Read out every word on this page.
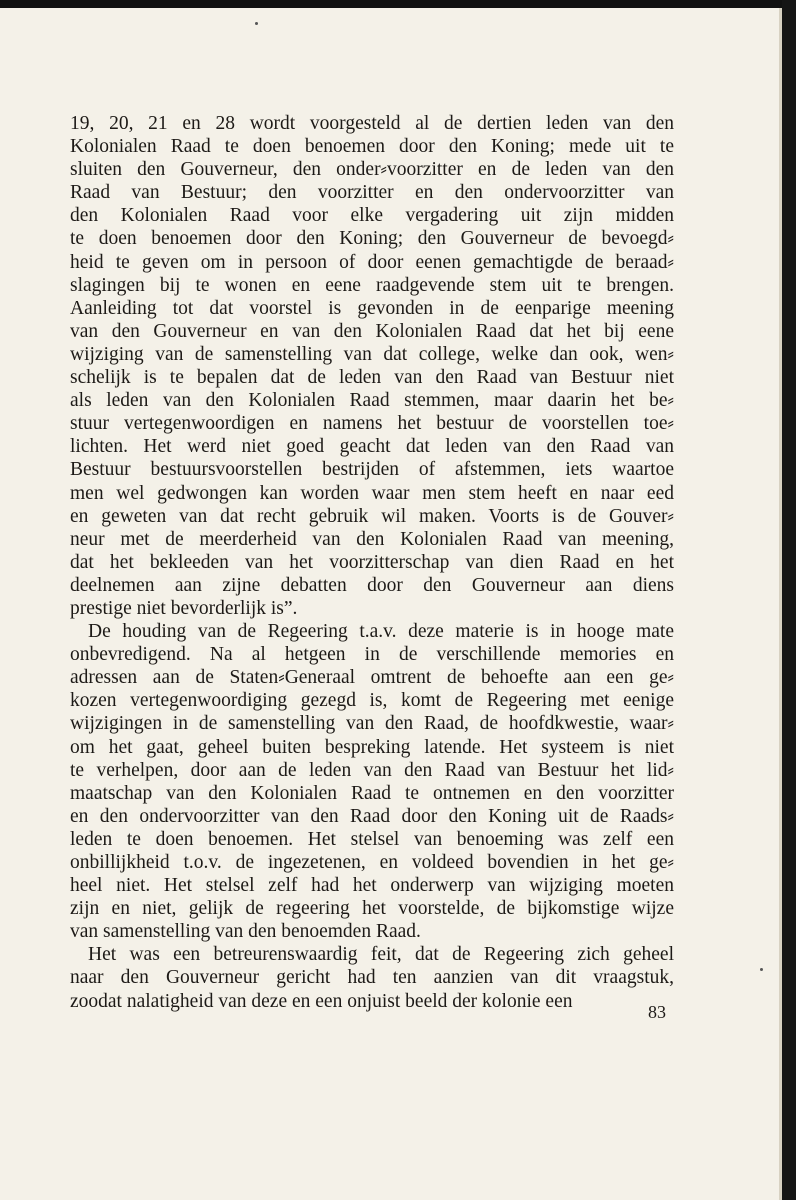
19, 20, 21 en 28 wordt voorgesteld al de dertien leden van den
Kolonialen Raad te doen benoemen door den Koning; mede uit te
sluiten den Gouverneur, den onder⸗voorzitter en de leden van den
Raad van Bestuur; den voorzitter en den ondervoorzitter van
den Kolonialen Raad voor elke vergadering uit zijn midden
te doen benoemen door den Koning; den Gouverneur de bevoegd⸗
heid te geven om in persoon of door eenen gemachtigde de beraad⸗
slagingen bij te wonen en eene raadgevende stem uit te brengen.
Aanleiding tot dat voorstel is gevonden in de eenparige meening
van den Gouverneur en van den Kolonialen Raad dat het bij eene
wijziging van de samenstelling van dat college, welke dan ook, wen⸗
schelijk is te bepalen dat de leden van den Raad van Bestuur niet
als leden van den Kolonialen Raad stemmen, maar daarin het be⸗
stuur vertegenwoordigen en namens het bestuur de voorstellen toe⸗
lichten. Het werd niet goed geacht dat leden van den Raad van
Bestuur bestuursvoorstellen bestrijden of afstemmen, iets waartoe
men wel gedwongen kan worden waar men stem heeft en naar eed
en geweten van dat recht gebruik wil maken. Voorts is de Gouver⸗
neur met de meerderheid van den Kolonialen Raad van meening,
dat het bekleeden van het voorzitterschap van dien Raad en het
deelnemen aan zijne debatten door den Gouverneur aan diens
prestige niet bevorderlijk is”.

De houding van de Regeering t.a.v. deze materie is in hooge mate
onbevredigend. Na al hetgeen in de verschillende memories en
adressen aan de Staten⸗Generaal omtrent de behoefte aan een ge⸗
kozen vertegenwoordiging gezegd is, komt de Regeering met eenige
wijzigingen in de samenstelling van den Raad, de hoofdkwestie, waar⸗
om het gaat, geheel buiten bespreking latende. Het systeem is niet
te verhelpen, door aan de leden van den Raad van Bestuur het lid⸗
maatschap van den Kolonialen Raad te ontnemen en den voorzitter
en den ondervoorzitter van den Raad door den Koning uit de Raads⸗
leden te doen benoemen. Het stelsel van benoeming was zelf een
onbillijkheid t.o.v. de ingezetenen, en voldeed bovendien in het ge⸗
heel niet. Het stelsel zelf had het onderwerp van wijziging moeten
zijn en niet, gelijk de regeering het voorstelde, de bijkomstige wijze
van samenstelling van den benoemden Raad.

Het was een betreurenswaardig feit, dat de Regeering zich geheel
naar den Gouverneur gericht had ten aanzien van dit vraagstuk,
zoodat nalatigheid van deze en een onjuist beeld der kolonie een

83
